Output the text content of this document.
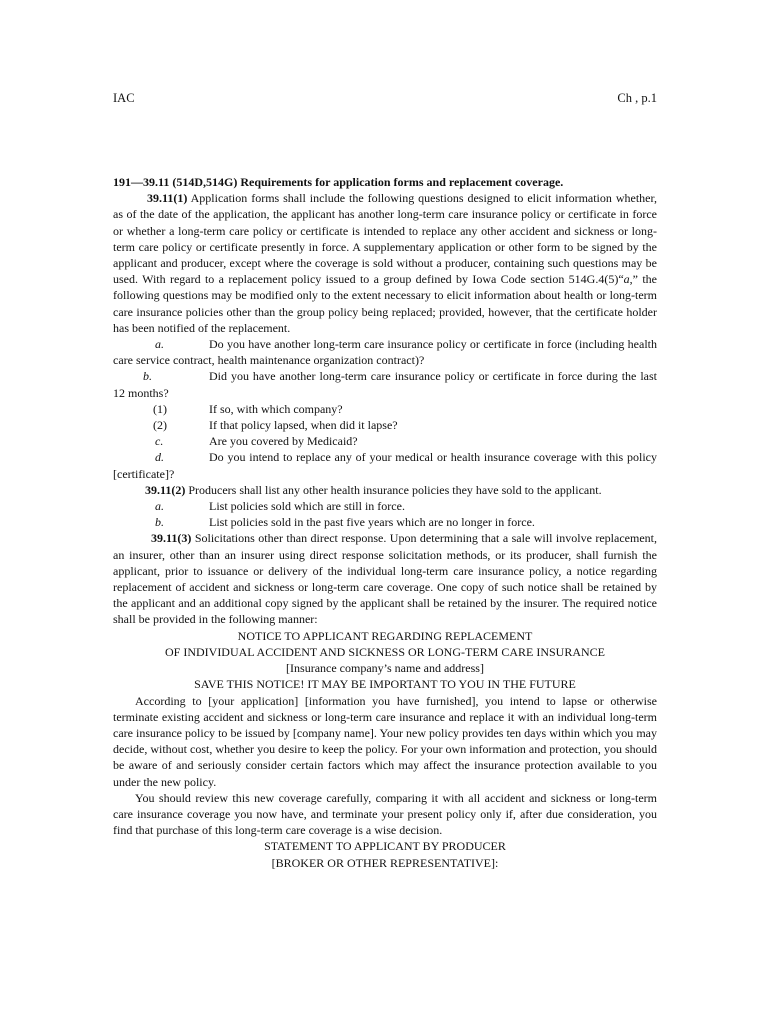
IAC	Ch , p.1

191—39.11 (514D,514G) Requirements for application forms and replacement coverage.

39.11(1) Application forms shall include the following questions designed to elicit information whether, as of the date of the application, the applicant has another long-term care insurance policy or certificate in force or whether a long-term care policy or certificate is intended to replace any other accident and sickness or long-term care policy or certificate presently in force. A supplementary application or other form to be signed by the applicant and producer, except where the coverage is sold without a producer, containing such questions may be used. With regard to a replacement policy issued to a group defined by Iowa Code section 514G.4(5)“a,” the following questions may be modified only to the extent necessary to elicit information about health or long-term care insurance policies other than the group policy being replaced; provided, however, that the certificate holder has been notified of the replacement.

a.	Do you have another long-term care insurance policy or certificate in force (including health care service contract, health maintenance organization contract)?

b.	Did you have another long-term care insurance policy or certificate in force during the last 12 months?

(1)	If so, with which company?
(2)	If that policy lapsed, when did it lapse?
c.	Are you covered by Medicaid?

d.	Do you intend to replace any of your medical or health insurance coverage with this policy [certificate]?

39.11(2) Producers shall list any other health insurance policies they have sold to the applicant.

a.	List policies sold which are still in force.
b.	List policies sold in the past five years which are no longer in force.

39.11(3) Solicitations other than direct response. Upon determining that a sale will involve replacement, an insurer, other than an insurer using direct response solicitation methods, or its producer, shall furnish the applicant, prior to issuance or delivery of the individual long-term care insurance policy, a notice regarding replacement of accident and sickness or long-term care coverage. One copy of such notice shall be retained by the applicant and an additional copy signed by the applicant shall be retained by the insurer. The required notice shall be provided in the following manner:

NOTICE TO APPLICANT REGARDING REPLACEMENT

OF INDIVIDUAL ACCIDENT AND SICKNESS OR LONG-TERM CARE INSURANCE

[Insurance company’s name and address]

SAVE THIS NOTICE! IT MAY BE IMPORTANT TO YOU IN THE FUTURE

According to [your application] [information you have furnished], you intend to lapse or otherwise terminate existing accident and sickness or long-term care insurance and replace it with an individual long-term care insurance policy to be issued by [company name]. Your new policy provides ten days within which you may decide, without cost, whether you desire to keep the policy. For your own information and protection, you should be aware of and seriously consider certain factors which may affect the insurance protection available to you under the new policy.

You should review this new coverage carefully, comparing it with all accident and sickness or long-term care insurance coverage you now have, and terminate your present policy only if, after due consideration, you find that purchase of this long-term care coverage is a wise decision.

STATEMENT TO APPLICANT BY PRODUCER

[BROKER OR OTHER REPRESENTATIVE]:
